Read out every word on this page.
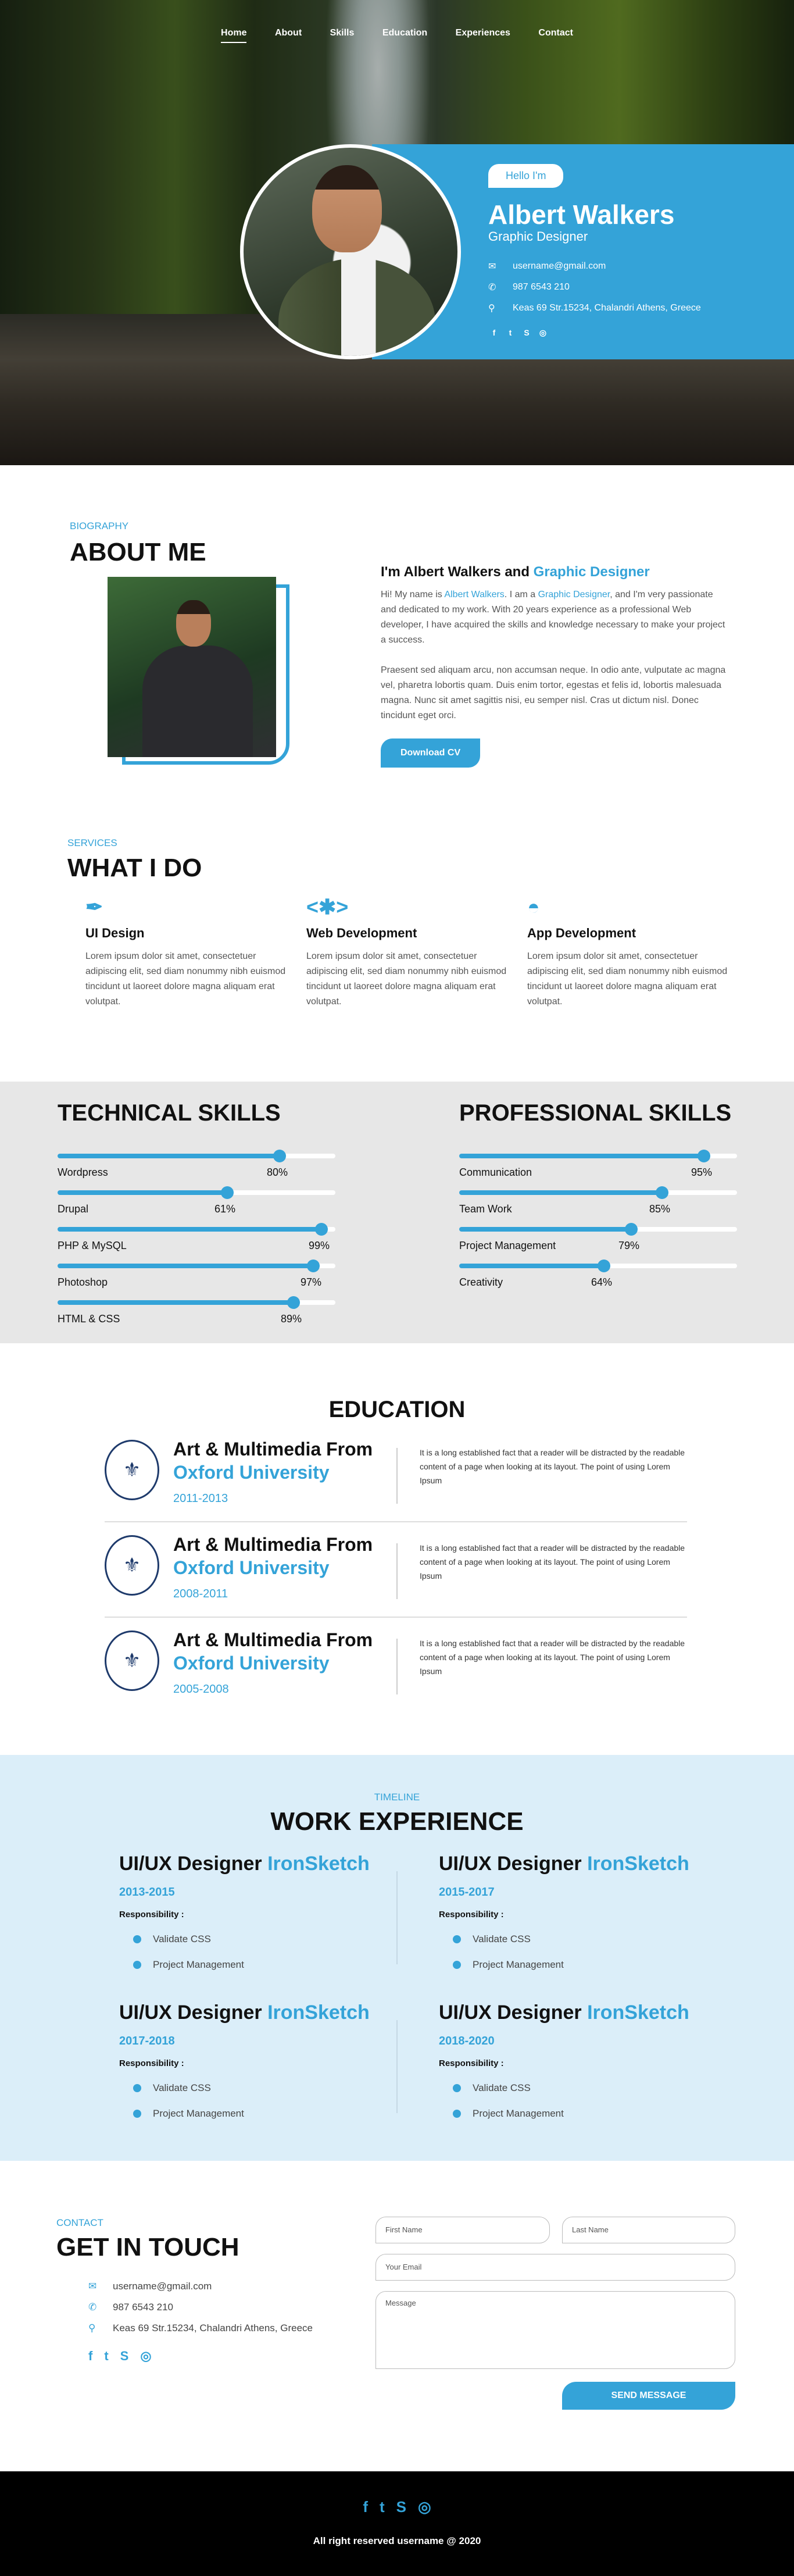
Home	About	Skills	Education	Experiences	Contact
Hello I'm
Albert Walkers
Graphic Designer
✉	username@gmail.com
✆	987 6543 210
⚲	Keas 69 Str.15234, Chalandri Athens, Greece
f	t	S	◎
BIOGRAPHY
ABOUT ME
I'm Albert Walkers and Graphic Designer

Hi! My name is Albert Walkers. I am a Graphic Designer, and I'm very passionate and dedicated to my work. With 20 years experience as a professional Web developer, I have acquired the skills and knowledge necessary to make your project a success.

Praesent sed aliquam arcu, non accumsan neque. In odio ante, vulputate ac magna vel, pharetra lobortis quam. Duis enim tortor, egestas et felis id, lobortis malesuada magna. Nunc sit amet sagittis nisi, eu semper nisl. Cras ut dictum nisl. Donec tincidunt eget orci.

Download CV
SERVICES
WHAT I DO
✒
UI Design

Lorem ipsum dolor sit amet, consectetuer adipiscing elit, sed diam nonummy nibh euismod tincidunt ut laoreet dolore magna aliquam erat volutpat.

<✱>
Web Development

Lorem ipsum dolor sit amet, consectetuer adipiscing elit, sed diam nonummy nibh euismod tincidunt ut laoreet dolore magna aliquam erat volutpat.

◓
App Development

Lorem ipsum dolor sit amet, consectetuer adipiscing elit, sed diam nonummy nibh euismod tincidunt ut laoreet dolore magna aliquam erat volutpat.

TECHNICAL SKILLS	PROFESSIONAL SKILLS
Wordpress	80%
Drupal	61%
PHP & MySQL	99%
Photoshop	97%
HTML & CSS	89%
Communication	95%
Team Work	85%
Project Management	79%
Creativity	64%
EDUCATION
⚜
Art & Multimedia From
Oxford University
2011-2013
It is a long established fact that a reader will be distracted by the readable content of a page when looking at its layout. The point of using Lorem Ipsum
⚜
Art & Multimedia From
Oxford University
2008-2011
It is a long established fact that a reader will be distracted by the readable content of a page when looking at its layout. The point of using Lorem Ipsum
⚜
Art & Multimedia From
Oxford University
2005-2008
It is a long established fact that a reader will be distracted by the readable content of a page when looking at its layout. The point of using Lorem Ipsum
TIMELINE
WORK EXPERIENCE
UI/UX Designer IronSketch
2013-2015
Responsibility :
Validate CSS
Project Management
UI/UX Designer IronSketch
2015-2017
Responsibility :
Validate CSS
Project Management
UI/UX Designer IronSketch
2017-2018
Responsibility :
Validate CSS
Project Management
UI/UX Designer IronSketch
2018-2020
Responsibility :
Validate CSS
Project Management
CONTACT
GET IN TOUCH
✉	username@gmail.com
✆	987 6543 210
⚲	Keas 69 Str.15234, Chalandri Athens, Greece
f t S ◎
First Name	Last Name
Your Email
Message
SEND MESSAGE
f t S ◎
All right reserved username @ 2020
